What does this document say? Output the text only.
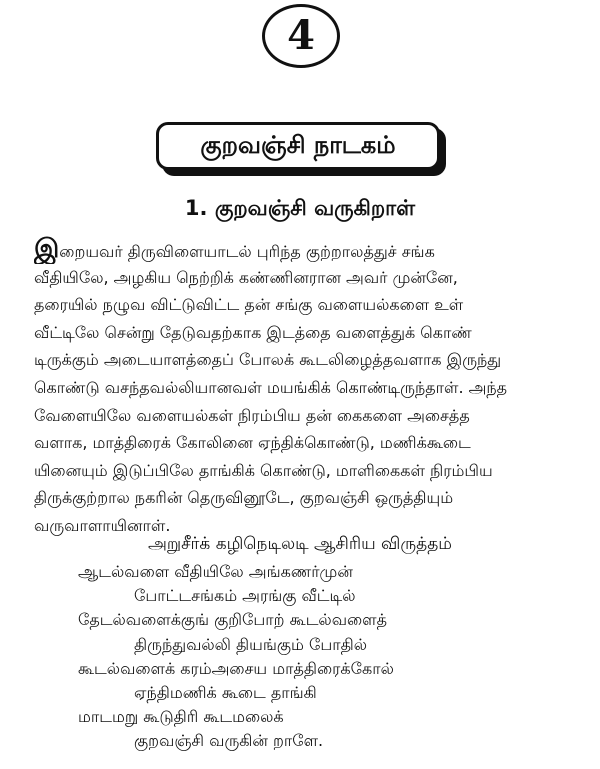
4
குறவஞ்சி நாடகம்
1. குறவஞ்சி வருகிறாள்
இறையவர் திருவிளையாடல் புரிந்த குற்றாலத்துச் சங்க
வீதியிலே, அழகிய நெற்றிக் கண்ணினரான அவர் முன்னே,
தரையில் நழுவ விட்டுவிட்ட தன் சங்கு வளையல்களை உள்
வீட்டிலே சென்று தேடுவதற்காக இடத்தை வளைத்துக் கொண்
டிருக்கும் அடையாளத்தைப் போலக் கூடலிழைத்தவளாக இருந்து
கொண்டு வசந்தவல்லியானவள் மயங்கிக் கொண்டிருந்தாள். அந்த
வேளையிலே வளையல்கள் நிரம்பிய தன் கைகளை அசைத்த
வளாக, மாத்திரைக் கோலினை ஏந்திக்கொண்டு, மணிக்கூடை
யினையும் இடுப்பிலே தாங்கிக் கொண்டு, மாளிகைகள் நிரம்பிய
திருக்குற்றால நகரின் தெருவினூடே, குறவஞ்சி ஒருத்தியும்
வருவாளாயினாள்.
அறுசீர்க் கழிநெடிலடி ஆசிரிய விருத்தம்
ஆடல்வளை வீதியிலே அங்கணர்முன்
போட்டசங்கம் அரங்கு வீட்டில்
தேடல்வளைக்குங் குறிபோற் கூடல்வளைத்
திருந்துவல்லி தியங்கும் போதில்
கூடல்வளைக் கரம்அசைய மாத்திரைக்கோல்
ஏந்திமணிக் கூடை தாங்கி
மாடமறு கூடுதிரி கூடமலைக்
குறவஞ்சி வருகின் றாளே.
